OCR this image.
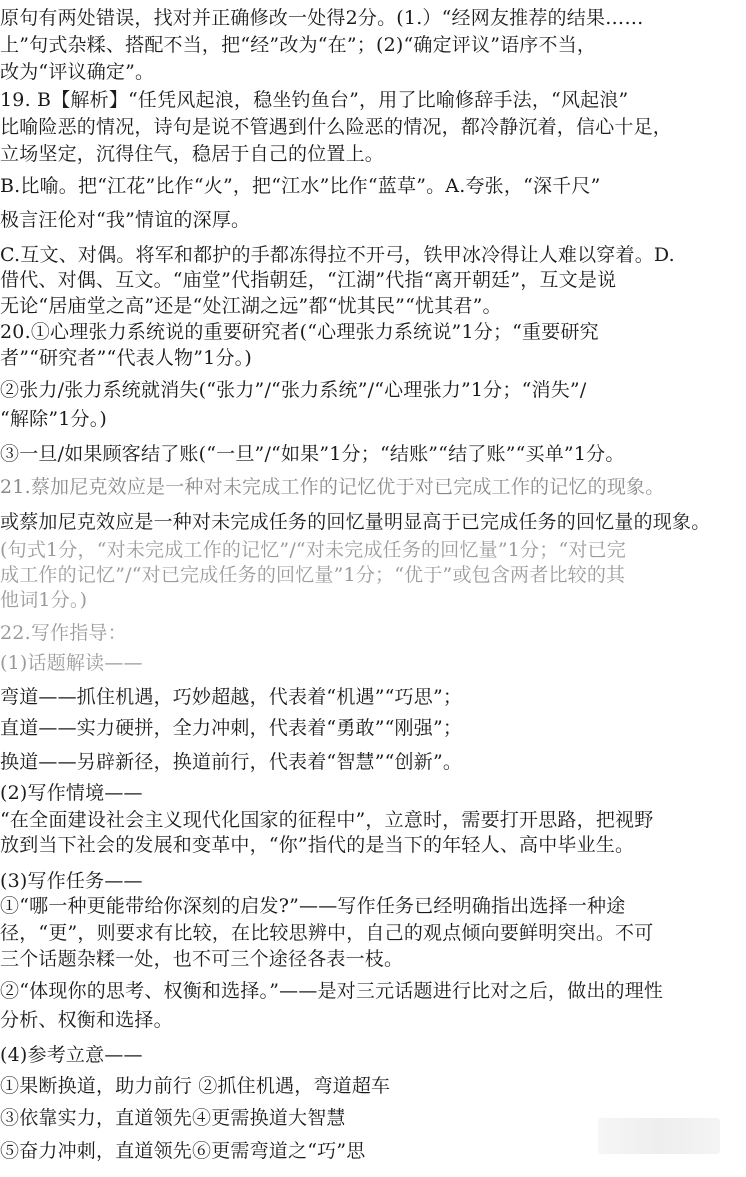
原句有两处错误，找对并正确修改一处得2分。(1.）“经网友推荐的结果……
上”句式杂糅、搭配不当，把“经”改为“在”；(2)“确定评议”语序不当，
改为“评议确定”。
19. B【解析】“任凭风起浪，稳坐钓鱼台”，用了比喻修辞手法，“风起浪”
比喻险恶的情况，诗句是说不管遇到什么险恶的情况，都冷静沉着，信心十足，
立场坚定，沉得住气，稳居于自己的位置上。
B.比喻。把“江花”比作“火”，把“江水”比作“蓝草”。A.夸张，“深千尺”
极言汪伦对“我”情谊的深厚。
C.互文、对偶。将军和都护的手都冻得拉不开弓，铁甲冰冷得让人难以穿着。D.
借代、对偶、互文。“庙堂”代指朝廷，“江湖”代指“离开朝廷”，互文是说
无论“居庙堂之高”还是“处江湖之远”都“忧其民”“忧其君”。
20.①心理张力系统说的重要研究者(“心理张力系统说”1分；“重要研究
者”“研究者”“代表人物”1分。)
②张力/张力系统就消失(“张力”/“张力系统”/“心理张力”1分；“消失”/
“解除”1分。)
③一旦/如果顾客结了账(“一旦”/“如果”1分；“结账”“结了账”“买单”1分。
21.蔡加尼克效应是一种对未完成工作的记忆优于对已完成工作的记忆的现象。
或蔡加尼克效应是一种对未完成任务的回忆量明显高于已完成任务的回忆量的现象。
(句式1分，“对未完成工作的记忆”/“对未完成任务的回忆量”1分；“对已完
成工作的记忆”/“对已完成任务的回忆量”1分；“优于”或包含两者比较的其
他词1分。)
22.写作指导：
(1)话题解读——
弯道——抓住机遇，巧妙超越，代表着“机遇”“巧思”；
直道——实力硬拼，全力冲刺，代表着“勇敢”“刚强”；
换道——另辟新径，换道前行，代表着“智慧”“创新”。
(2)写作情境——
“在全面建设社会主义现代化国家的征程中”，立意时，需要打开思路，把视野
放到当下社会的发展和变革中，“你”指代的是当下的年轻人、高中毕业生。
(3)写作任务——
①“哪一种更能带给你深刻的启发?”——写作任务已经明确指出选择一种途
径，“更”，则要求有比较，在比较思辨中，自己的观点倾向要鲜明突出。不可
三个话题杂糅一处，也不可三个途径各表一枝。
②“体现你的思考、权衡和选择。”——是对三元话题进行比对之后，做出的理性
分析、权衡和选择。
(4)参考立意——
①果断换道，助力前行 ②抓住机遇，弯道超车
③依靠实力，直道领先④更需换道大智慧
⑤奋力冲刺，直道领先⑥更需弯道之“巧”思
